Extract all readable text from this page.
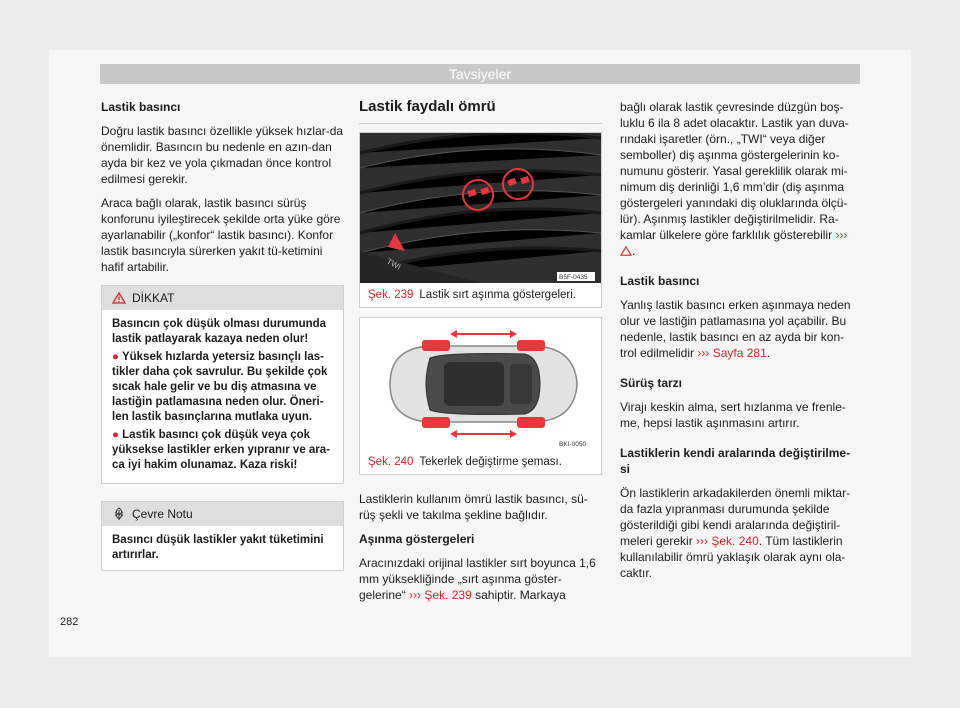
Tavsiyeler

Lastik basıncı

Doğru lastik basıncı özellikle yüksek hızlar-da önemlidir. Basıncın bu nedenle en azın-dan ayda bir kez ve yola çıkmadan önce kontrol edilmesi gerekir.

Araca bağlı olarak, lastik basıncı sürüş konforunu iyileştirecek şekilde orta yüke göre ayarlanabilir („konfor“ lastik basıncı). Konfor lastik basıncıyla sürerken yakıt tü-ketimini hafif artabilir.

DİKKAT

Basıncın çok düşük olması durumunda lastik patlayarak kazaya neden olur!

● Yüksek hızlarda yetersiz basınçlı las-tikler daha çok savrulur. Bu şekilde çok sıcak hale gelir ve bu diş atmasına ve lastiğin patlamasına neden olur. Öneri-len lastik basınçlarına mutlaka uyun.

● Lastik basıncı çok düşük veya çok yüksekse lastikler erken yıpranır ve ara-ca iyi hakim olunamaz. Kaza riski!

Çevre Notu
Basıncı düşük lastikler yakıt tüketimini artırırlar.

Lastik faydalı ömrü

TWI
B5F-0435
Şek. 239 Lastik sırt aşınma göstergeleri.
BKI-0050
Şek. 240 Tekerlek değiştirme şeması.

Lastiklerin kullanım ömrü lastik basıncı, sü-rüş şekli ve takılma şekline bağlıdır.

Aşınma göstergeleri

Aracınızdaki orijinal lastikler sırt boyunca 1,6 mm yüksekliğinde „sırt aşınma göster-gelerine“ ››› Şek. 239 sahiptir. Markaya

bağlı olarak lastik çevresinde düzgün boş-luklu 6 ila 8 adet olacaktır. Lastik yan duva-rındaki işaretler (örn., „TWI“ veya diğer semboller) diş aşınma göstergelerinin ko-numunu gösterir. Yasal gereklilik olarak mi-nimum diş derinliği 1,6 mm’dir (diş aşınma göstergeleri yanındaki diş oluklarında ölçü-lür). Aşınmış lastikler değiştirilmelidir. Ra-kamlar ülkelere göre farklılık gösterebilir ››› .

Lastik basıncı

Yanlış lastik basıncı erken aşınmaya neden olur ve lastiğin patlamasına yol açabilir. Bu nedenle, lastik basıncı en az ayda bir kon-trol edilmelidir ››› Sayfa 281.

Sürüş tarzı

Virajı keskin alma, sert hızlanma ve frenle-me, hepsi lastik aşınmasını artırır.

Lastiklerin kendi aralarında değiştirilme-si

Ön lastiklerin arkadakilerden önemli miktar-da fazla yıpranması durumunda şekilde gösterildiği gibi kendi aralarında değiştiril-meleri gerekir ››› Şek. 240. Tüm lastiklerin kullanılabilir ömrü yaklaşık olarak aynı ola-caktır.

282
